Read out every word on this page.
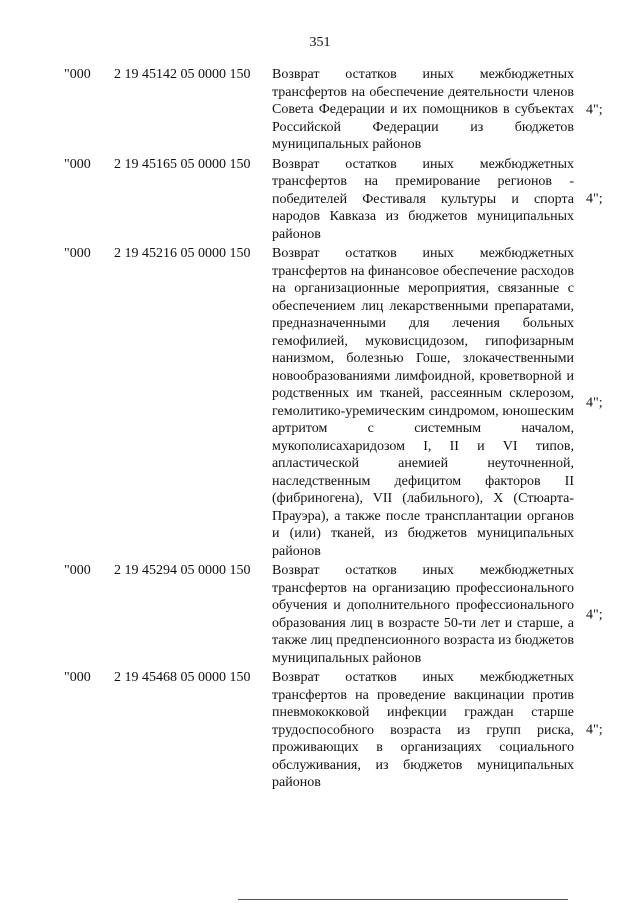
351
"000 2 19 45142 05 0000 150 Возврат остатков иных межбюджетных трансфертов на обеспечение деятельности членов Совета Федерации и их помощников в субъектах Российской Федерации из бюджетов муниципальных районов
4";
"000 2 19 45165 05 0000 150 Возврат остатков иных межбюджетных трансфертов на премирование регионов - победителей Фестиваля культуры и спорта народов Кавказа из бюджетов муниципальных районов
4";
"000 2 19 45216 05 0000 150 Возврат остатков иных межбюджетных трансфертов на финансовое обеспечение расходов на организационные мероприятия, связанные с обеспечением лиц лекарственными препаратами, предназначенными для лечения больных гемофилией, муковисцидозом, гипофизарным нанизмом, болезнью Гоше, злокачественными новообразованиями лимфоидной, кроветворной и родственных им тканей, рассеянным склерозом, гемолитико-уремическим синдромом, юношеским артритом с системным началом, мукополисахаридозом I, II и VI типов, апластической анемией неуточненной, наследственным дефицитом факторов II (фибриногена), VII (лабильного), X (Стюарта-Прауэра), а также после трансплантации органов и (или) тканей, из бюджетов муниципальных районов
4";
"000 2 19 45294 05 0000 150 Возврат остатков иных межбюджетных трансфертов на организацию профессионального обучения и дополнительного профессионального образования лиц в возрасте 50-ти лет и старше, а также лиц предпенсионного возраста из бюджетов муниципальных районов
4";
"000 2 19 45468 05 0000 150 Возврат остатков иных межбюджетных трансфертов на проведение вакцинации против пневмококковой инфекции граждан старше трудоспособного возраста из групп риска, проживающих в организациях социального обслуживания, из бюджетов муниципальных районов
4";
